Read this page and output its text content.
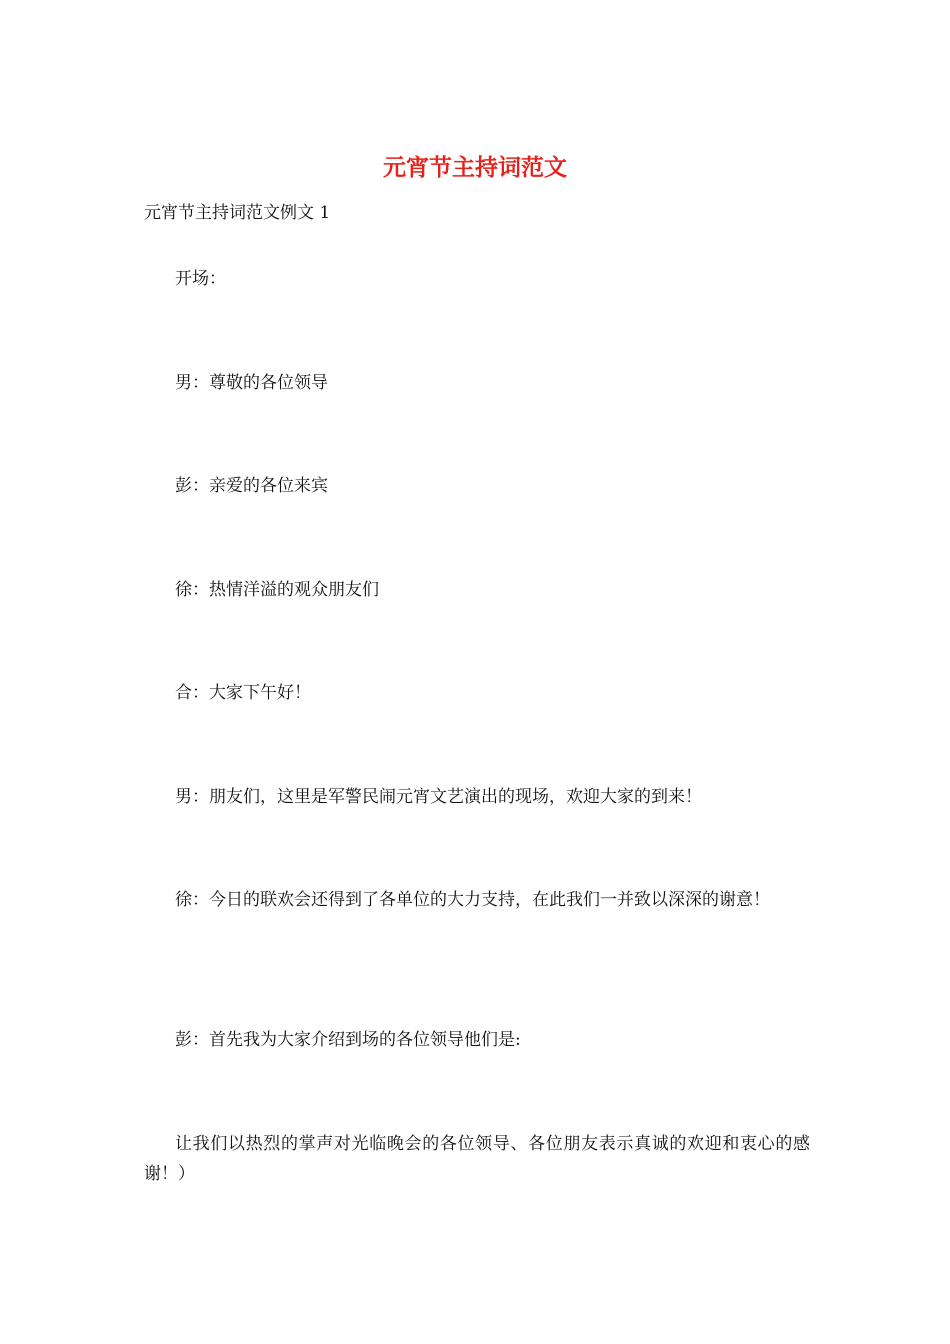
元宵节主持词范文
元宵节主持词范文例文 1
开场：
男：尊敬的各位领导
彭：亲爱的各位来宾
徐：热情洋溢的观众朋友们
合：大家下午好！
男：朋友们，这里是军警民闹元宵文艺演出的现场，欢迎大家的到来！
徐：今日的联欢会还得到了各单位的大力支持，在此我们一并致以深深的谢意！
彭：首先我为大家介绍到场的各位领导他们是:
让我们以热烈的掌声对光临晚会的各位领导、各位朋友表示真诚的欢迎和衷心的感谢！）
